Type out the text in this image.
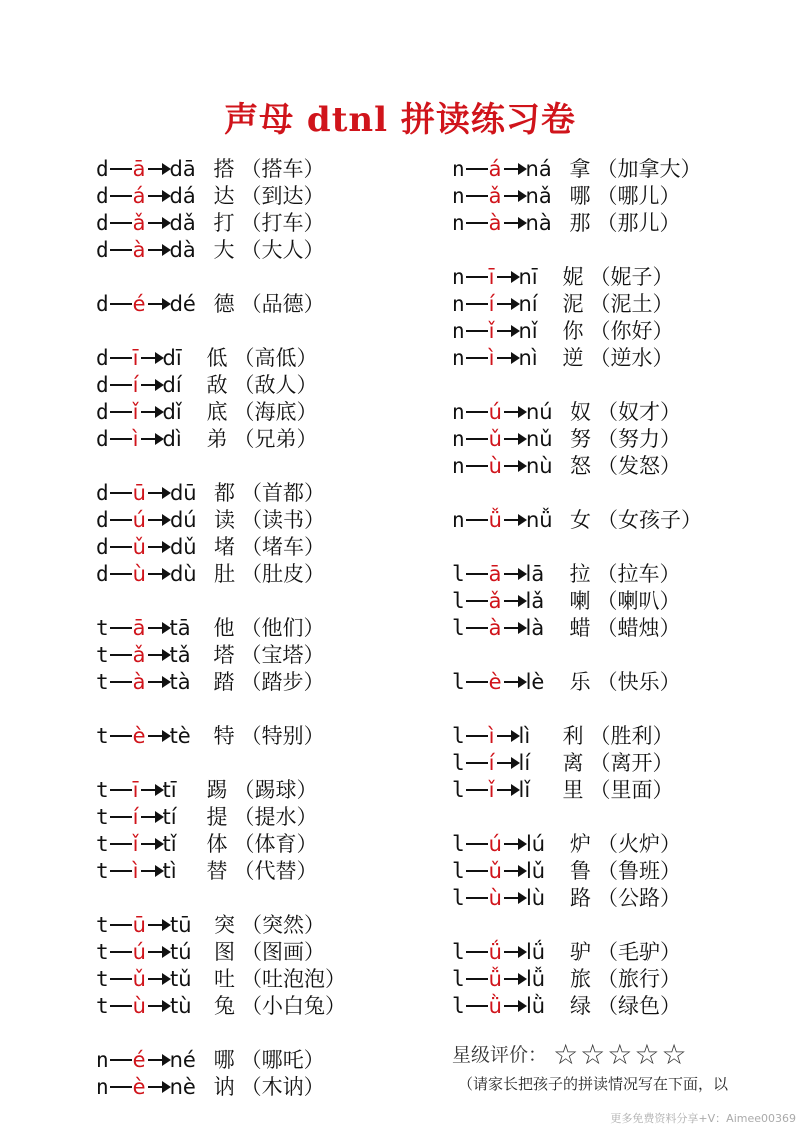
声母 dtnl 拼读练习卷
d ā dā 搭 （搭车）
d á dá 达 （到达）
d ǎ dǎ 打 （打车）
d à dà 大 （大人）
d é dé 德 （品德）
d ī dī 低 （高低）
d í dí 敌 （敌人）
d ǐ dǐ 底 （海底）
d ì dì 弟 （兄弟）
d ū dū 都 （首都）
d ú dú 读 （读书）
d ǔ dǔ 堵 （堵车）
d ù dù 肚 （肚皮）
t ā tā 他 （他们）
t ǎ tǎ 塔 （宝塔）
t à tà 踏 （踏步）
t è tè 特 （特别）
t ī tī 踢 （踢球）
t í tí 提 （提水）
t ǐ tǐ 体 （体育）
t ì tì 替 （代替）
t ū tū 突 （突然）
t ú tú 图 （图画）
t ǔ tǔ 吐 （吐泡泡）
t ù tù 兔 （小白兔）
n é né 哪 （哪吒）
n è nè 讷 （木讷）
n á ná 拿 （加拿大）
n ǎ nǎ 哪 （哪儿）
n à nà 那 （那儿）
n ī nī 妮 （妮子）
n í ní 泥 （泥土）
n ǐ nǐ 你 （你好）
n ì nì 逆 （逆水）
n ú nú 奴 （奴才）
n ǔ nǔ 努 （努力）
n ù nù 怒 （发怒）
n ǚ nǚ 女 （女孩子）
l ā lā 拉 （拉车）
l ǎ lǎ 喇 （喇叭）
l à là 蜡 （蜡烛）
l è lè 乐 （快乐）
l ì lì 利 （胜利）
l í lí 离 （离开）
l ǐ lǐ 里 （里面）
l ú lú 炉 （火炉）
l ǔ lǔ 鲁 （鲁班）
l ù lù 路 （公路）
l ǘ lǘ 驴 （毛驴）
l ǚ lǚ 旅 （旅行）
l ǜ lǜ 绿 （绿色）
星级评价： ☆☆☆☆☆
（请家长把孩子的拼读情况写在下面，以
更多免费资料分享+V：Aimee00369
